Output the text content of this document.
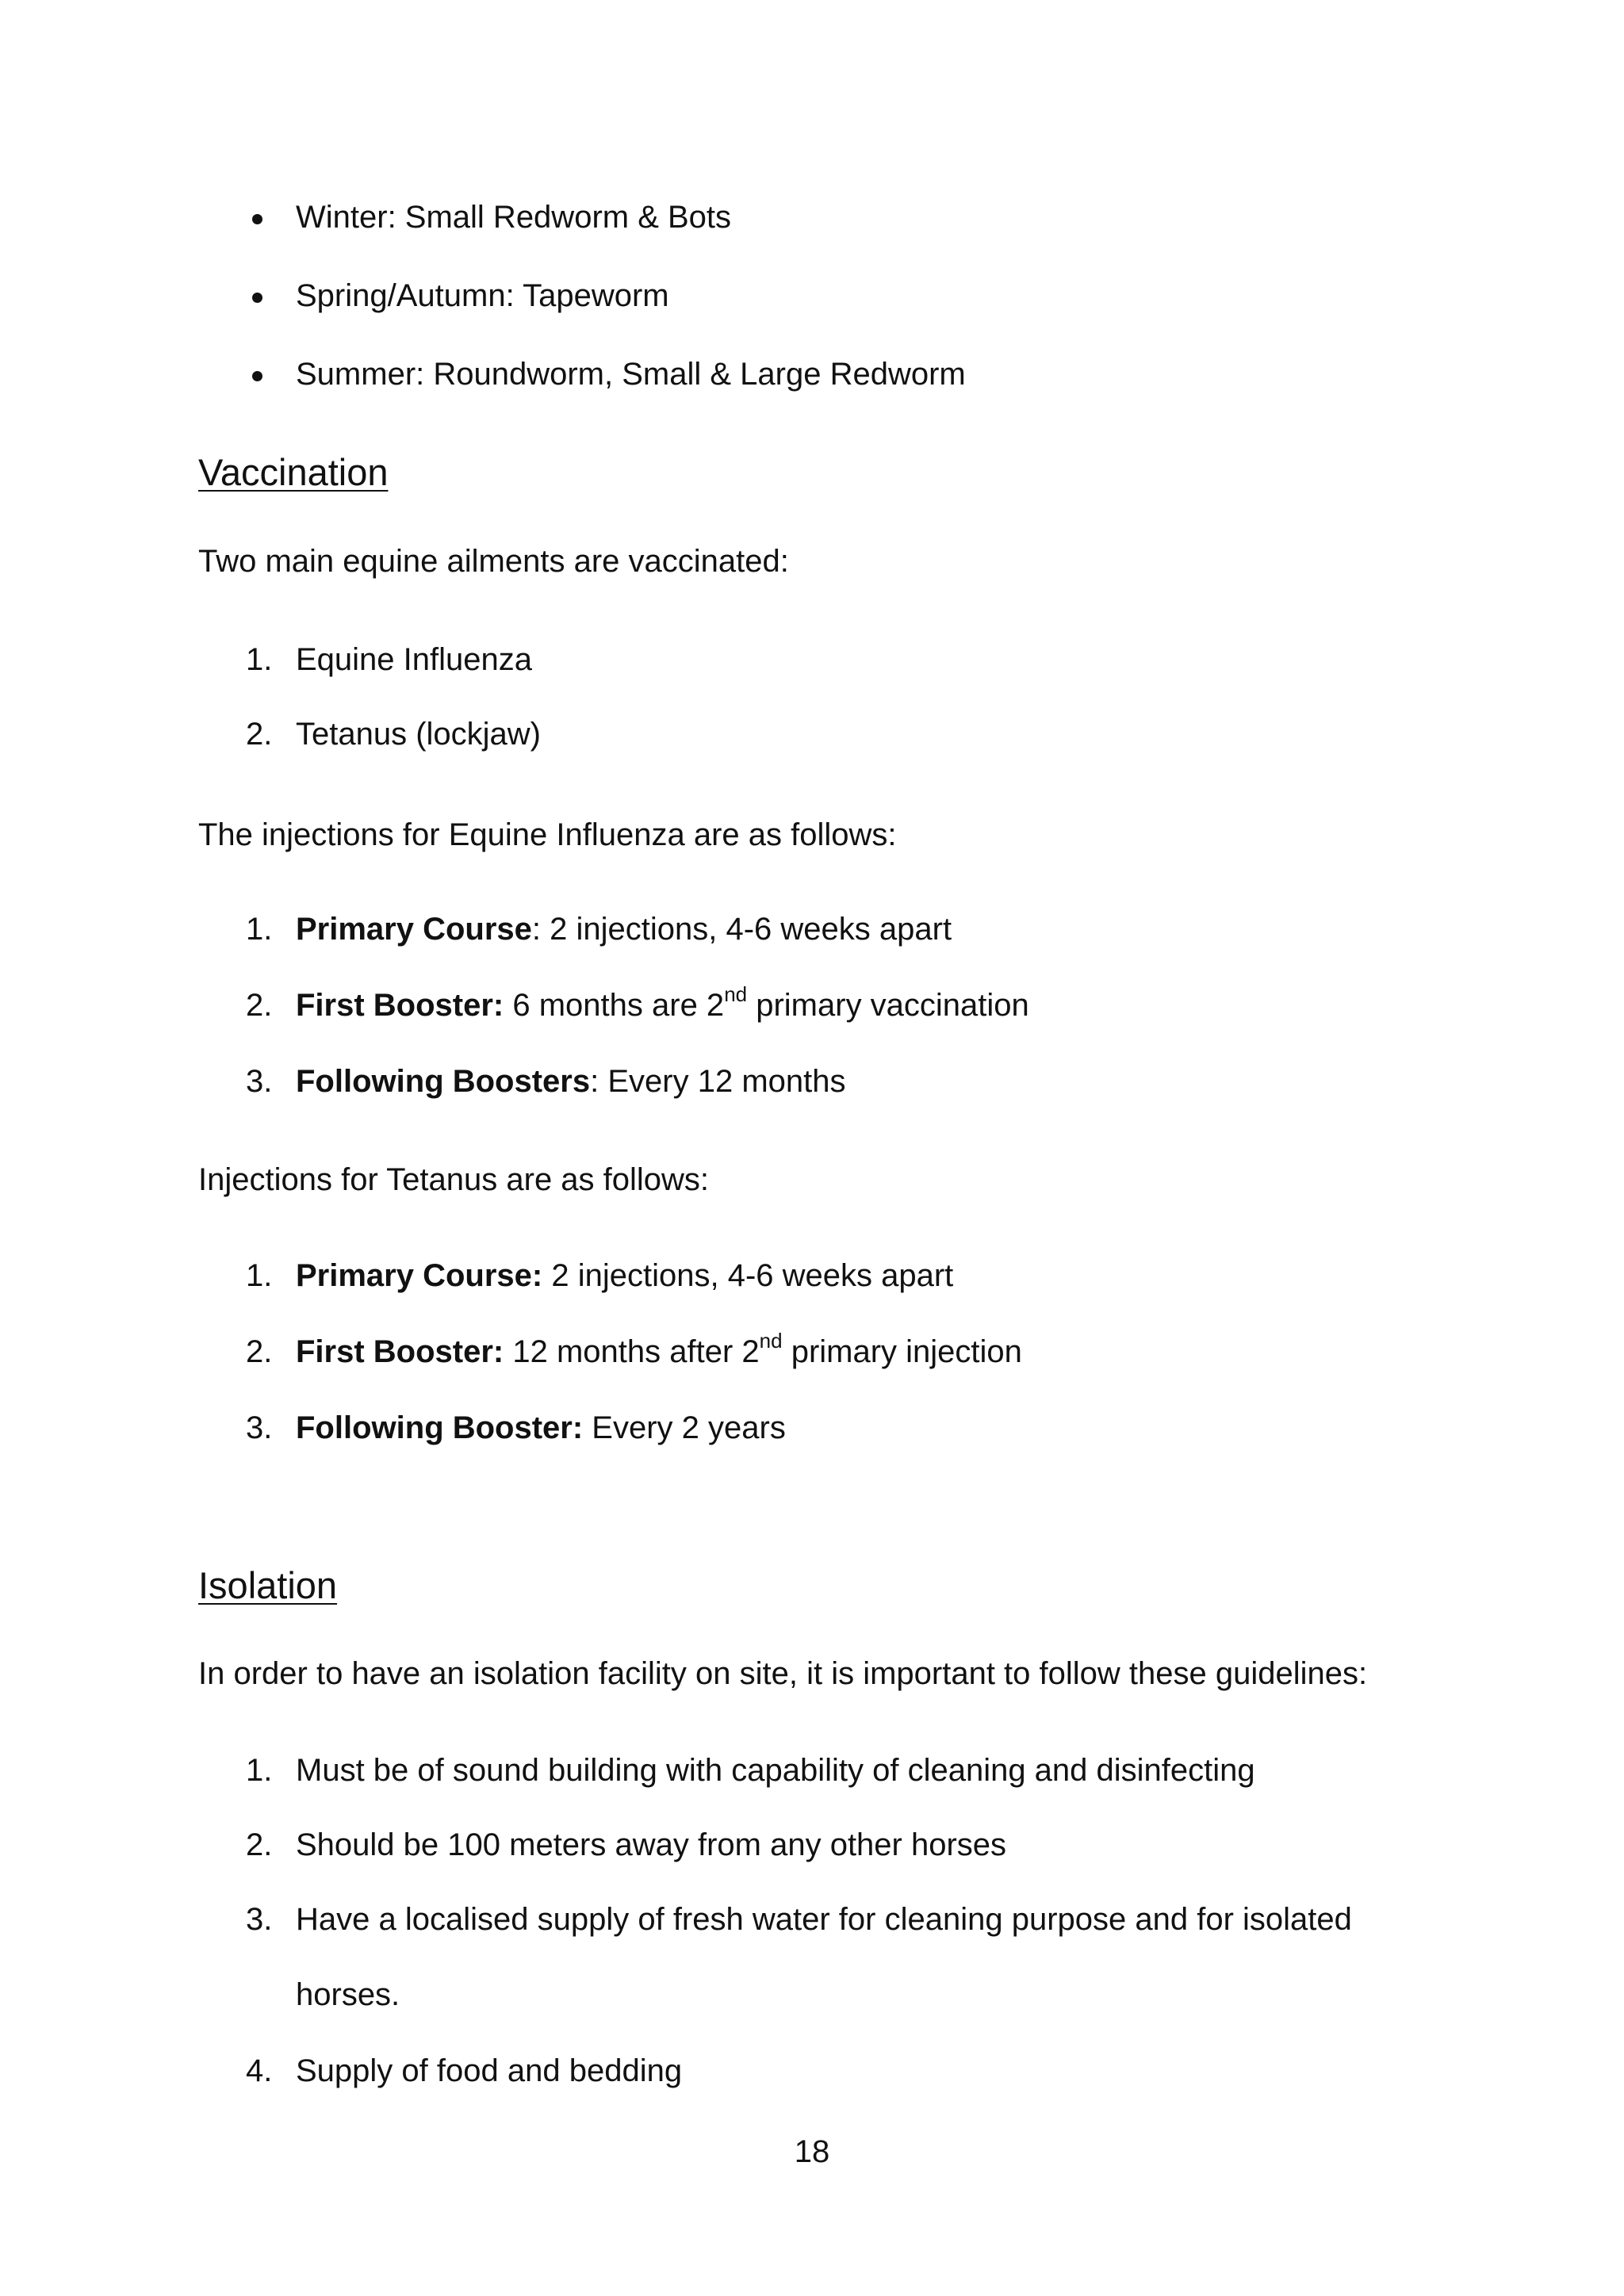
Winter: Small Redworm & Bots
Spring/Autumn: Tapeworm
Summer: Roundworm, Small & Large Redworm
Vaccination
Two main equine ailments are vaccinated:
1. Equine Influenza
2. Tetanus (lockjaw)
The injections for Equine Influenza are as follows:
1. Primary Course: 2 injections, 4-6 weeks apart
2. First Booster: 6 months are 2nd primary vaccination
3. Following Boosters: Every 12 months
Injections for Tetanus are as follows:
1. Primary Course: 2 injections, 4-6 weeks apart
2. First Booster: 12 months after 2nd primary injection
3. Following Booster: Every 2 years
Isolation
In order to have an isolation facility on site, it is important to follow these guidelines:
1. Must be of sound building with capability of cleaning and disinfecting
2. Should be 100 meters away from any other horses
3. Have a localised supply of fresh water for cleaning purpose and for isolated
horses.
4. Supply of food and bedding
18
